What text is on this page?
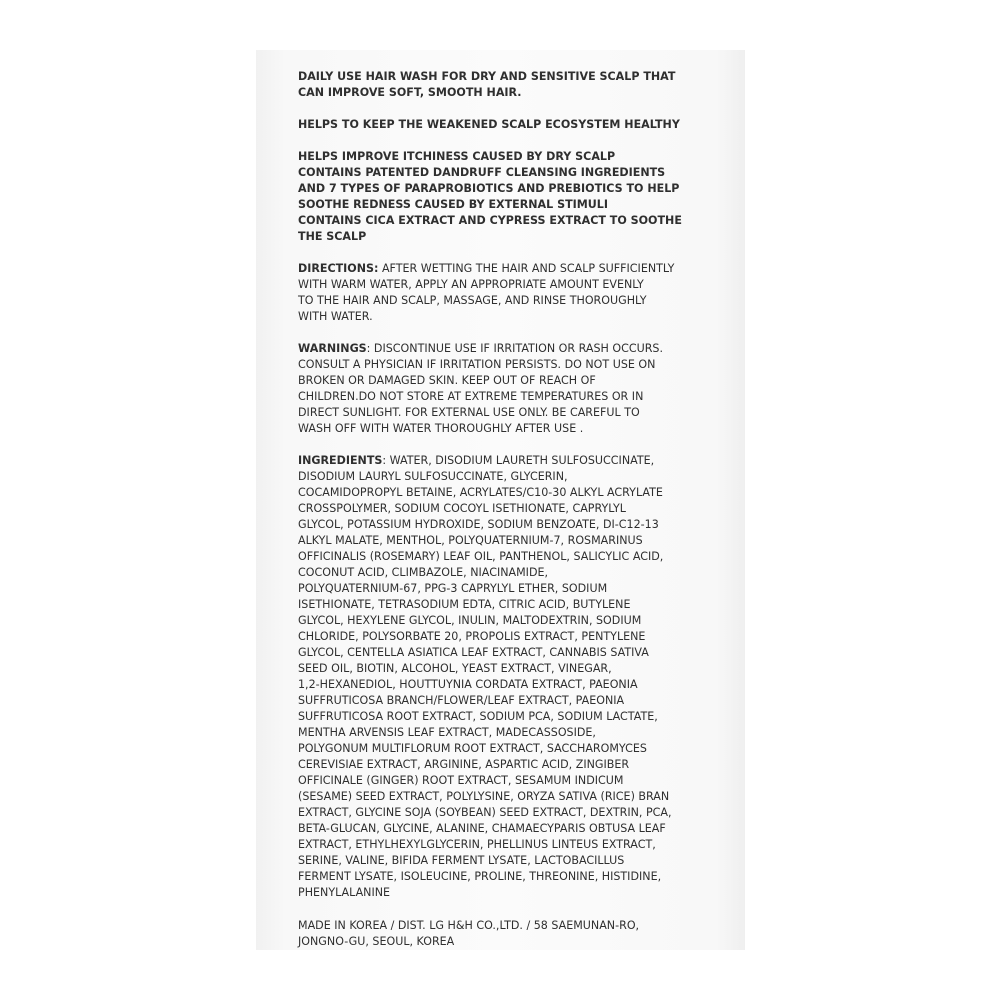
DAILY USE HAIR WASH FOR DRY AND SENSITIVE SCALP THAT
CAN IMPROVE SOFT, SMOOTH HAIR.
HELPS TO KEEP THE WEAKENED SCALP ECOSYSTEM HEALTHY
HELPS IMPROVE ITCHINESS CAUSED BY DRY SCALP
CONTAINS PATENTED DANDRUFF CLEANSING INGREDIENTS
AND 7 TYPES OF PARAPROBIOTICS AND PREBIOTICS TO HELP
SOOTHE REDNESS CAUSED BY EXTERNAL STIMULI
CONTAINS CICA EXTRACT AND CYPRESS EXTRACT TO SOOTHE
THE SCALP
DIRECTIONS: AFTER WETTING THE HAIR AND SCALP SUFFICIENTLY
WITH WARM WATER, APPLY AN APPROPRIATE AMOUNT EVENLY
TO THE HAIR AND SCALP, MASSAGE, AND RINSE THOROUGHLY
WITH WATER.
WARNINGS: DISCONTINUE USE IF IRRITATION OR RASH OCCURS.
CONSULT A PHYSICIAN IF IRRITATION PERSISTS. DO NOT USE ON
BROKEN OR DAMAGED SKIN. KEEP OUT OF REACH OF
CHILDREN.DO NOT STORE AT EXTREME TEMPERATURES OR IN
DIRECT SUNLIGHT. FOR EXTERNAL USE ONLY. BE CAREFUL TO
WASH OFF WITH WATER THOROUGHLY AFTER USE .
INGREDIENTS: WATER, DISODIUM LAURETH SULFOSUCCINATE,
DISODIUM LAURYL SULFOSUCCINATE, GLYCERIN,
COCAMIDOPROPYL BETAINE, ACRYLATES/C10-30 ALKYL ACRYLATE
CROSSPOLYMER, SODIUM COCOYL ISETHIONATE, CAPRYLYL
GLYCOL, POTASSIUM HYDROXIDE, SODIUM BENZOATE, DI-C12-13
ALKYL MALATE, MENTHOL, POLYQUATERNIUM-7, ROSMARINUS
OFFICINALIS (ROSEMARY) LEAF OIL, PANTHENOL, SALICYLIC ACID,
COCONUT ACID, CLIMBAZOLE, NIACINAMIDE,
POLYQUATERNIUM-67, PPG-3 CAPRYLYL ETHER, SODIUM
ISETHIONATE, TETRASODIUM EDTA, CITRIC ACID, BUTYLENE
GLYCOL, HEXYLENE GLYCOL, INULIN, MALTODEXTRIN, SODIUM
CHLORIDE, POLYSORBATE 20, PROPOLIS EXTRACT, PENTYLENE
GLYCOL, CENTELLA ASIATICA LEAF EXTRACT, CANNABIS SATIVA
SEED OIL, BIOTIN, ALCOHOL, YEAST EXTRACT, VINEGAR,
1,2-HEXANEDIOL, HOUTTUYNIA CORDATA EXTRACT, PAEONIA
SUFFRUTICOSA BRANCH/FLOWER/LEAF EXTRACT, PAEONIA
SUFFRUTICOSA ROOT EXTRACT, SODIUM PCA, SODIUM LACTATE,
MENTHA ARVENSIS LEAF EXTRACT, MADECASSOSIDE,
POLYGONUM MULTIFLORUM ROOT EXTRACT, SACCHAROMYCES
CEREVISIAE EXTRACT, ARGININE, ASPARTIC ACID, ZINGIBER
OFFICINALE (GINGER) ROOT EXTRACT, SESAMUM INDICUM
(SESAME) SEED EXTRACT, POLYLYSINE, ORYZA SATIVA (RICE) BRAN
EXTRACT, GLYCINE SOJA (SOYBEAN) SEED EXTRACT, DEXTRIN, PCA,
BETA-GLUCAN, GLYCINE, ALANINE, CHAMAECYPARIS OBTUSA LEAF
EXTRACT, ETHYLHEXYLGLYCERIN, PHELLINUS LINTEUS EXTRACT,
SERINE, VALINE, BIFIDA FERMENT LYSATE, LACTOBACILLUS
FERMENT LYSATE, ISOLEUCINE, PROLINE, THREONINE, HISTIDINE,
PHENYLALANINE
MADE IN KOREA / DIST. LG H&H CO.,LTD. / 58 SAEMUNAN-RO,
JONGNO-GU, SEOUL, KOREA
